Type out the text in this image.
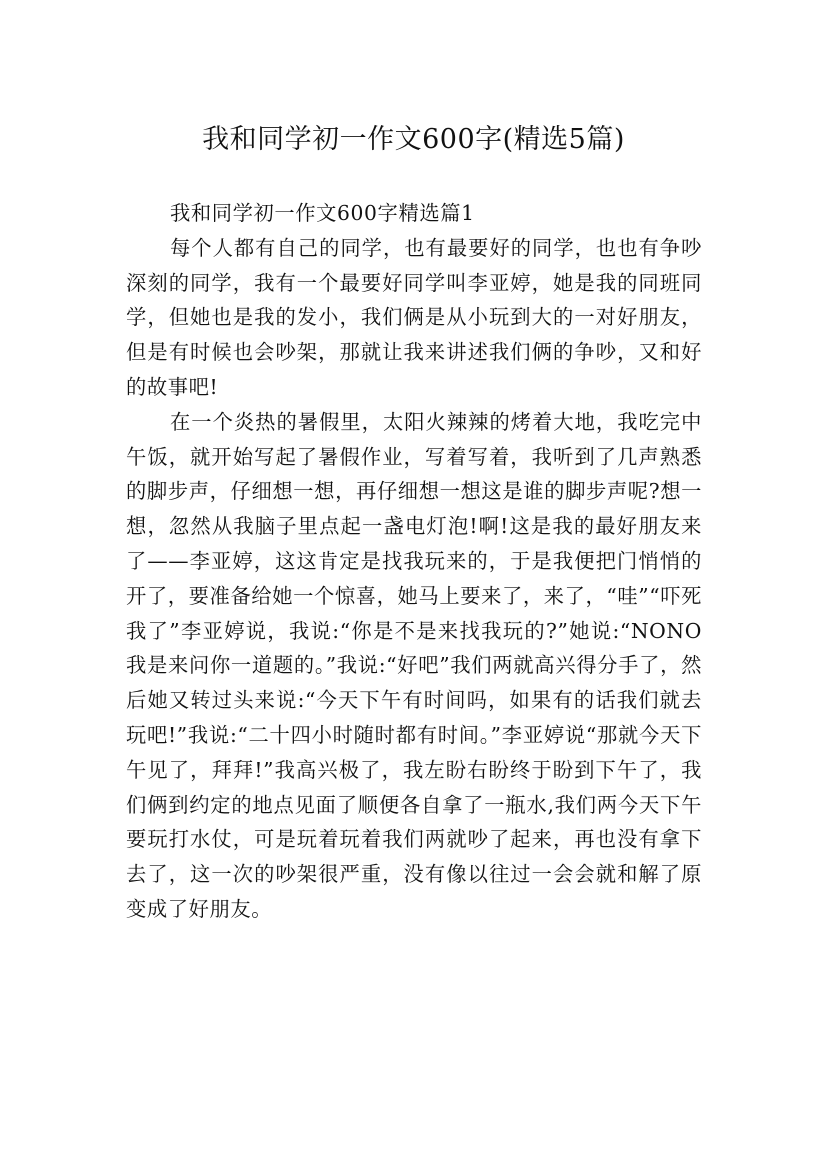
我和同学初一作文600字(精选5篇)

我和同学初一作文600字精选篇1

每个人都有自己的同学，也有最要好的同学，也也有争吵深刻的同学，我有一个最要好同学叫李亚婷，她是我的同班同学，但她也是我的发小，我们俩是从小玩到大的一对好朋友，但是有时候也会吵架，那就让我来讲述我们俩的争吵，又和好的故事吧!

在一个炎热的暑假里，太阳火辣辣的烤着大地，我吃完中午饭，就开始写起了暑假作业，写着写着，我听到了几声熟悉的脚步声，仔细想一想，再仔细想一想这是谁的脚步声呢?想一想，忽然从我脑子里点起一盏电灯泡!啊!这是我的最好朋友来了——李亚婷，这这肯定是找我玩来的，于是我便把门悄悄的开了，要准备给她一个惊喜，她马上要来了，来了，“哇”“吓死我了”李亚婷说，我说:“你是不是来找我玩的?”她说:“NONO我是来问你一道题的。”我说:“好吧”我们两就高兴得分手了，然后她又转过头来说:“今天下午有时间吗，如果有的话我们就去玩吧!”我说:“二十四小时随时都有时间。”李亚婷说“那就今天下午见了，拜拜!”我高兴极了，我左盼右盼终于盼到下午了，我们俩到约定的地点见面了顺便各自拿了一瓶水,我们两今天下午要玩打水仗，可是玩着玩着我们两就吵了起来，再也没有拿下去了，这一次的吵架很严重，没有像以往过一会会就和解了原变成了好朋友。
